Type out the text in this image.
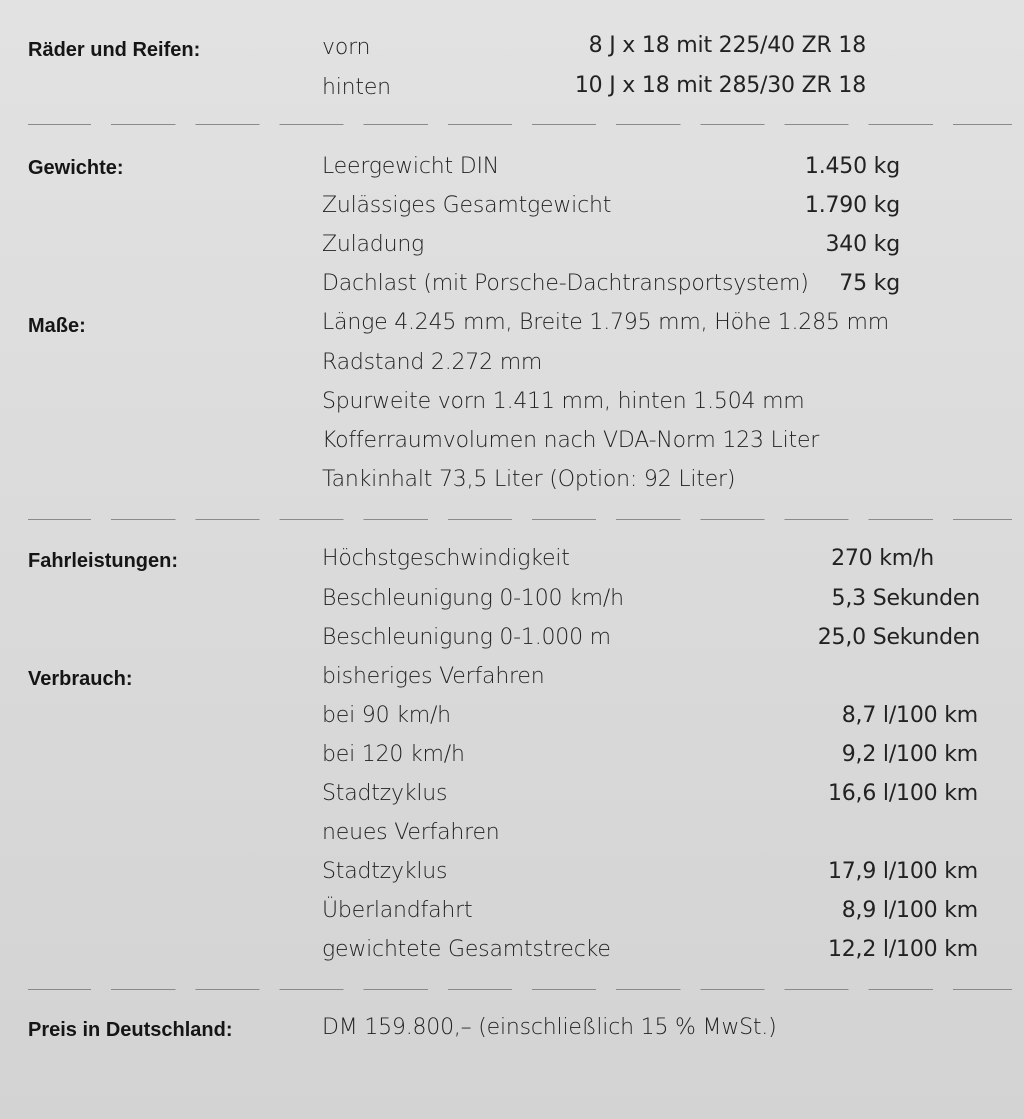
Räder und Reifen:	vorn	8 J x 18 mit 225/40 ZR 18
hinten	10 J x 18 mit 285/30 ZR 18
Gewichte:	Leergewicht DIN	1.450 kg
Zulässiges Gesamtgewicht	1.790 kg
Zuladung	340 kg
Dachlast (mit Porsche-Dachtransportsystem) 75 kg
Maße:	Länge 4.245 mm, Breite 1.795 mm, Höhe 1.285 mm
Radstand 2.272 mm
Spurweite vorn 1.411 mm, hinten 1.504 mm
Kofferraumvolumen nach VDA-Norm 123 Liter
Tankinhalt 73,5 Liter (Option: 92 Liter)
Fahrleistungen:	Höchstgeschwindigkeit	270 km/h
Beschleunigung 0-100 km/h	5,3 Sekunden
Beschleunigung 0-1.000 m	25,0 Sekunden
Verbrauch:	bisheriges Verfahren
bei 90 km/h	8,7 l/100 km
bei 120 km/h	9,2 l/100 km
Stadtzyklus	16,6 l/100 km
neues Verfahren
Stadtzyklus	17,9 l/100 km
Überlandfahrt	8,9 l/100 km
gewichtete Gesamtstrecke	12,2 l/100 km
Preis in Deutschland:	DM 159.800,– (einschließlich 15 % MwSt.)
